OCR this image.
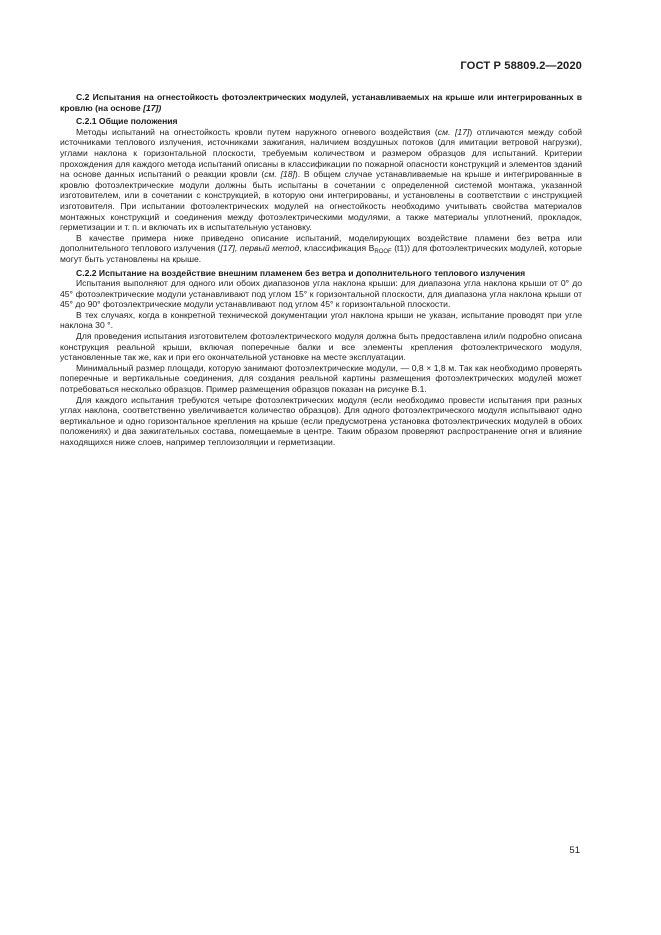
ГОСТ Р 58809.2—2020

C.2 Испытания на огнестойкость фотоэлектрических модулей, устанавливаемых на крыше или интегрированных в кровлю (на основе [17])

C.2.1 Общие положения

Методы испытаний на огнестойкость кровли путем наружного огневого воздействия (см. [17]) отличаются между собой источниками теплового излучения, источниками зажигания, наличием воздушных потоков (для имитации ветровой нагрузки), углами наклона к горизонтальной плоскости, требуемым количеством и размером образцов для испытаний. Критерии прохождения для каждого метода испытаний описаны в классификации по пожарной опасности конструкций и элементов зданий на основе данных испытаний о реакции кровли (см. [18]). В общем случае устанавливаемые на крыше и интегрированные в кровлю фотоэлектрические модули должны быть испытаны в сочетании с определенной системой монтажа, указанной изготовителем, или в сочетании с конструкцией, в которую они интегрированы, и установлены в соответствии с инструкцией изготовителя. При испытании фотоэлектрических модулей на огнестойкость необходимо учитывать свойства материалов монтажных конструкций и соединения между фотоэлектрическими модулями, а также материалы уплотнений, прокладок, герметизации и т. п. и включать их в испытательную установку.

В качестве примера ниже приведено описание испытаний, моделирующих воздействие пламени без ветра или дополнительного теплового излучения ([17], первый метод, классификация $B_{ROOF}$ (t1)) для фотоэлектрических модулей, которые могут быть установлены на крыше.

C.2.2 Испытание на воздействие внешним пламенем без ветра и дополнительного теплового излучения

Испытания выполняют для одного или обоих диапазонов угла наклона крыши: для диапазона угла наклона крыши от 0° до 45° фотоэлектрические модули устанавливают под углом 15° к горизонтальной плоскости, для диапазона угла наклона крыши от 45° до 90° фотоэлектрические модули устанавливают под углом 45° к горизонтальной плоскости.

В тех случаях, когда в конкретной технической документации угол наклона крыши не указан, испытание проводят при угле наклона 30 °.

Для проведения испытания изготовителем фотоэлектрического модуля должна быть предоставлена или/и подробно описана конструкция реальной крыши, включая поперечные балки и все элементы крепления фотоэлектрического модуля, установленные так же, как и при его окончательной установке на месте эксплуатации.

Минимальный размер площади, которую занимают фотоэлектрические модули, — 0,8 × 1,8 м. Так как необходимо проверять поперечные и вертикальные соединения, для создания реальной картины размещения фотоэлектрических модулей может потребоваться несколько образцов. Пример размещения образцов показан на рисунке B.1.

Для каждого испытания требуются четыре фотоэлектрических модуля (если необходимо провести испытания при разных углах наклона, соответственно увеличивается количество образцов). Для одного фотоэлектрического модуля испытывают одно вертикальное и одно горизонтальное крепления на крыше (если предусмотрена установка фотоэлектрических модулей в обоих положениях) и два зажигательных состава, помещаемые в центре. Таким образом проверяют распространение огня и влияние находящихся ниже слоев, например теплоизоляции и герметизации.

51
